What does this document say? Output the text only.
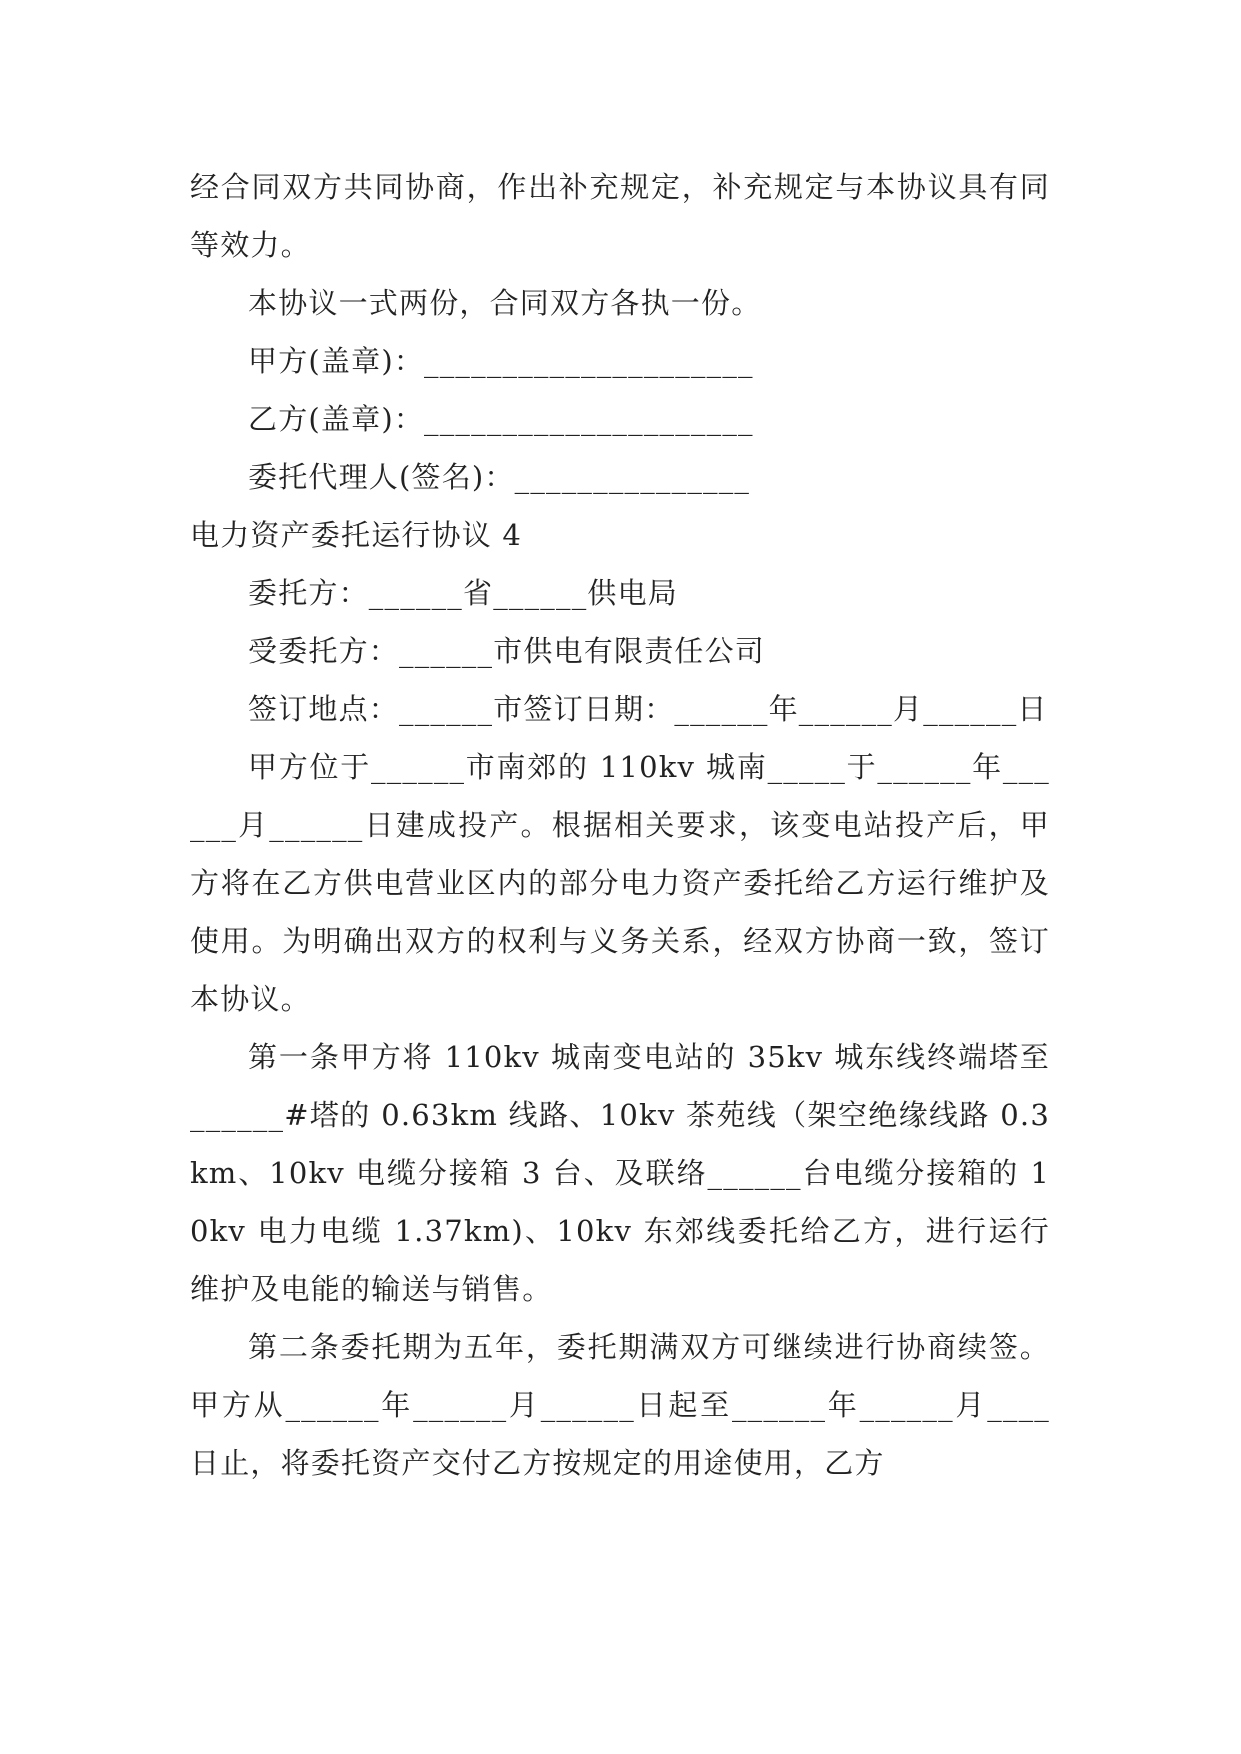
经合同双方共同协商，作出补充规定，补充规定与本协议具有同等效力。

本协议一式两份，合同双方各执一份。

甲方(盖章)：_____________________

乙方(盖章)：_____________________

委托代理人(签名)：_______________

电力资产委托运行协议 4

委托方：______省______供电局

受委托方：______市供电有限责任公司

签订地点：______市签订日期：______年______月______日

甲方位于______市南郊的 110kv 城南_____于______年______月______日建成投产。根据相关要求，该变电站投产后，甲方将在乙方供电营业区内的部分电力资产委托给乙方运行维护及使用。为明确出双方的权利与义务关系，经双方协商一致，签订本协议。

第一条甲方将 110kv 城南变电站的 35kv 城东线终端塔至______#塔的 0.63km 线路、10kv 茶苑线（架空绝缘线路 0.3km、10kv 电缆分接箱 3 台、及联络______台电缆分接箱的 10kv 电力电缆 1.37km)、10kv 东郊线委托给乙方，进行运行维护及电能的输送与销售。

第二条委托期为五年，委托期满双方可继续进行协商续签。甲方从______年______月______日起至______年______月____日止，将委托资产交付乙方按规定的用途使用，乙方
